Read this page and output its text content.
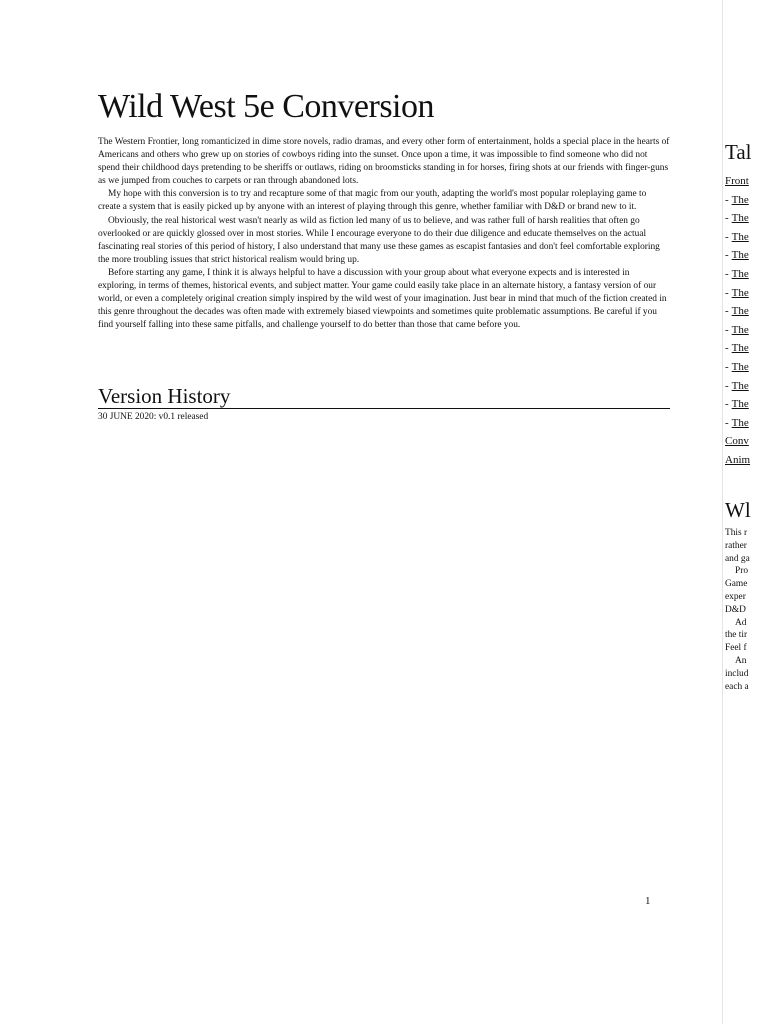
Wild West 5e Conversion

The Western Frontier, long romanticized in dime store novels, radio dramas, and every other form of entertainment, holds a special place in the hearts of Americans and others who grew up on stories of cowboys riding into the sunset. Once upon a time, it was impossible to find someone who did not spend their childhood days pretending to be sheriffs or outlaws, riding on broomsticks standing in for horses, firing shots at our friends with finger-guns as we jumped from couches to carpets or ran through abandoned lots.

My hope with this conversion is to try and recapture some of that magic from our youth, adapting the world's most popular roleplaying game to create a system that is easily picked up by anyone with an interest of playing through this genre, whether familiar with D&D or brand new to it.

Obviously, the real historical west wasn't nearly as wild as fiction led many of us to believe, and was rather full of harsh realities that often go overlooked or are quickly glossed over in most stories. While I encourage everyone to do their due diligence and educate themselves on the actual fascinating real stories of this period of history, I also understand that many use these games as escapist fantasies and don't feel comfortable exploring the more troubling issues that strict historical realism would bring up.

Before starting any game, I think it is always helpful to have a discussion with your group about what everyone expects and is interested in exploring, in terms of themes, historical events, and subject matter. Your game could easily take place in an alternate history, a fantasy version of our world, or even a completely original creation simply inspired by the wild west of your imagination. Just bear in mind that much of the fiction created in this genre throughout the decades was often made with extremely biased viewpoints and sometimes quite problematic assumptions. Be careful if you find yourself falling into these same pitfalls, and challenge yourself to do better than those that came before you.

Version History
30 JUNE 2020: v0.1 released
1
Tal
Front
- The
- The
- The
- The
- The
- The
- The
- The
- The
- The
- The
- The
- The
Conv
Anim
Wl

This r

rather

and ga

Pro

Game

exper

D&D

Ad

the tir

Feel f

An

includ

each a
